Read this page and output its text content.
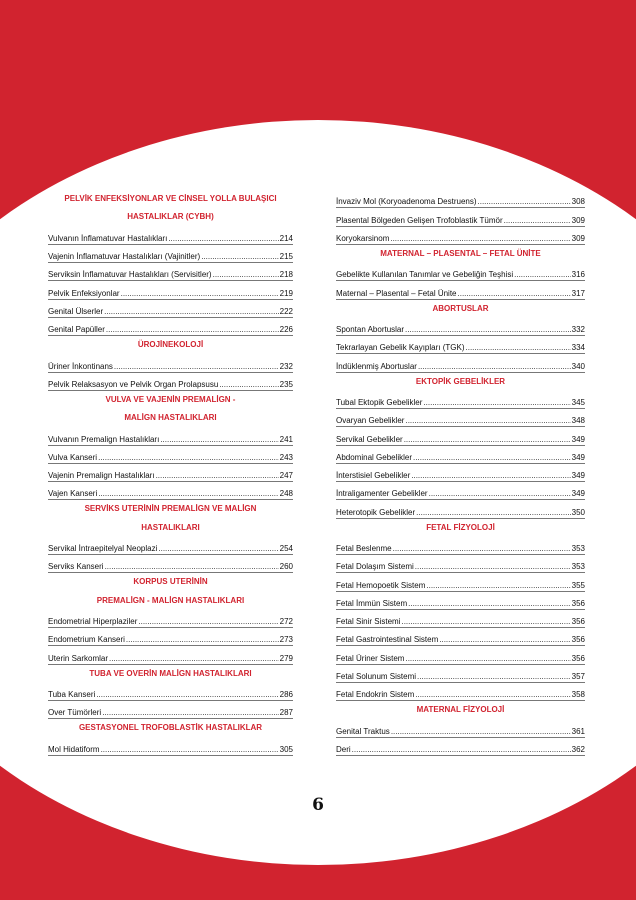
PELVİK ENFEKSİYONLAR VE CİNSEL YOLLA BULAŞICI
HASTALIKLAR (CYBH)
Vulvanın İnflamatuvar Hastalıkları .....	214
Vajenin İnflamatuvar Hastalıkları (Vajinitler) .....	215
Serviksin İnflamatuvar Hastalıkları (Servisitler) .....	218
Pelvik Enfeksiyonlar .....	219
Genital Ülserler .....	222
Genital Papüller .....	226
ÜROJİNEKOLOJİ
Üriner İnkontinans .....	232
Pelvik Relaksasyon ve Pelvik Organ Prolapsusu .....	235
VULVA VE VAJENİN PREMALİGN -
MALİGN HASTALIKLARI
Vulvanın Premalign Hastalıkları .....	241
Vulva Kanseri .....	243
Vajenin Premalign Hastalıkları .....	247
Vajen Kanseri .....	248
SERVİKS UTERİNİN PREMALİGN VE MALİGN
HASTALIKLARI
Servikal İntraepitelyal Neoplazi .....	254
Serviks Kanseri .....	260
KORPUS UTERİNİN
PREMALİGN - MALİGN HASTALIKLARI
Endometrial Hiperplaziler .....	272
Endometrium Kanseri .....	273
Uterin Sarkomlar .....	279
TUBA VE OVERİN MALİGN HASTALIKLARI
Tuba Kanseri .....	286
Over Tümörleri .....	287
GESTASYONEL TROFOBLASTİK HASTALIKLAR
Mol Hidatiform .....	305
İnvaziv Mol (Koryoadenoma Destruens) .....	308
Plasental Bölgeden Gelişen Trofoblastik Tümör .....	309
Koryokarsinom .....	309
MATERNAL – PLASENTAL – FETAL ÜNİTE
Gebelikte Kullanılan Tanımlar ve Gebeliğin Teşhisi .....	316
Maternal – Plasental – Fetal Ünite .....	317
ABORTUSLAR
Spontan Abortuslar .....	332
Tekrarlayan Gebelik Kayıpları (TGK) .....	334
İndüklenmiş Abortuslar .....	340
EKTOPİK GEBELİKLER
Tubal Ektopik Gebelikler .....	345
Ovaryan Gebelikler .....	348
Servikal Gebelikler .....	349
Abdominal Gebelikler .....	349
İnterstisiel Gebelikler .....	349
İntraligamenter Gebelikler .....	349
Heterotopik Gebelikler .....	350
FETAL FİZYOLOJİ
Fetal Beslenme .....	353
Fetal Dolaşım Sistemi .....	353
Fetal Hemopoetik Sistem .....	355
Fetal İmmün Sistem .....	356
Fetal Sinir Sistemi .....	356
Fetal Gastrointestinal Sistem .....	356
Fetal Üriner Sistem .....	356
Fetal Solunum Sistemi .....	357
Fetal Endokrin Sistem .....	358
MATERNAL FİZYOLOJİ
Genital Traktus .....	361
Deri .....	362
6
